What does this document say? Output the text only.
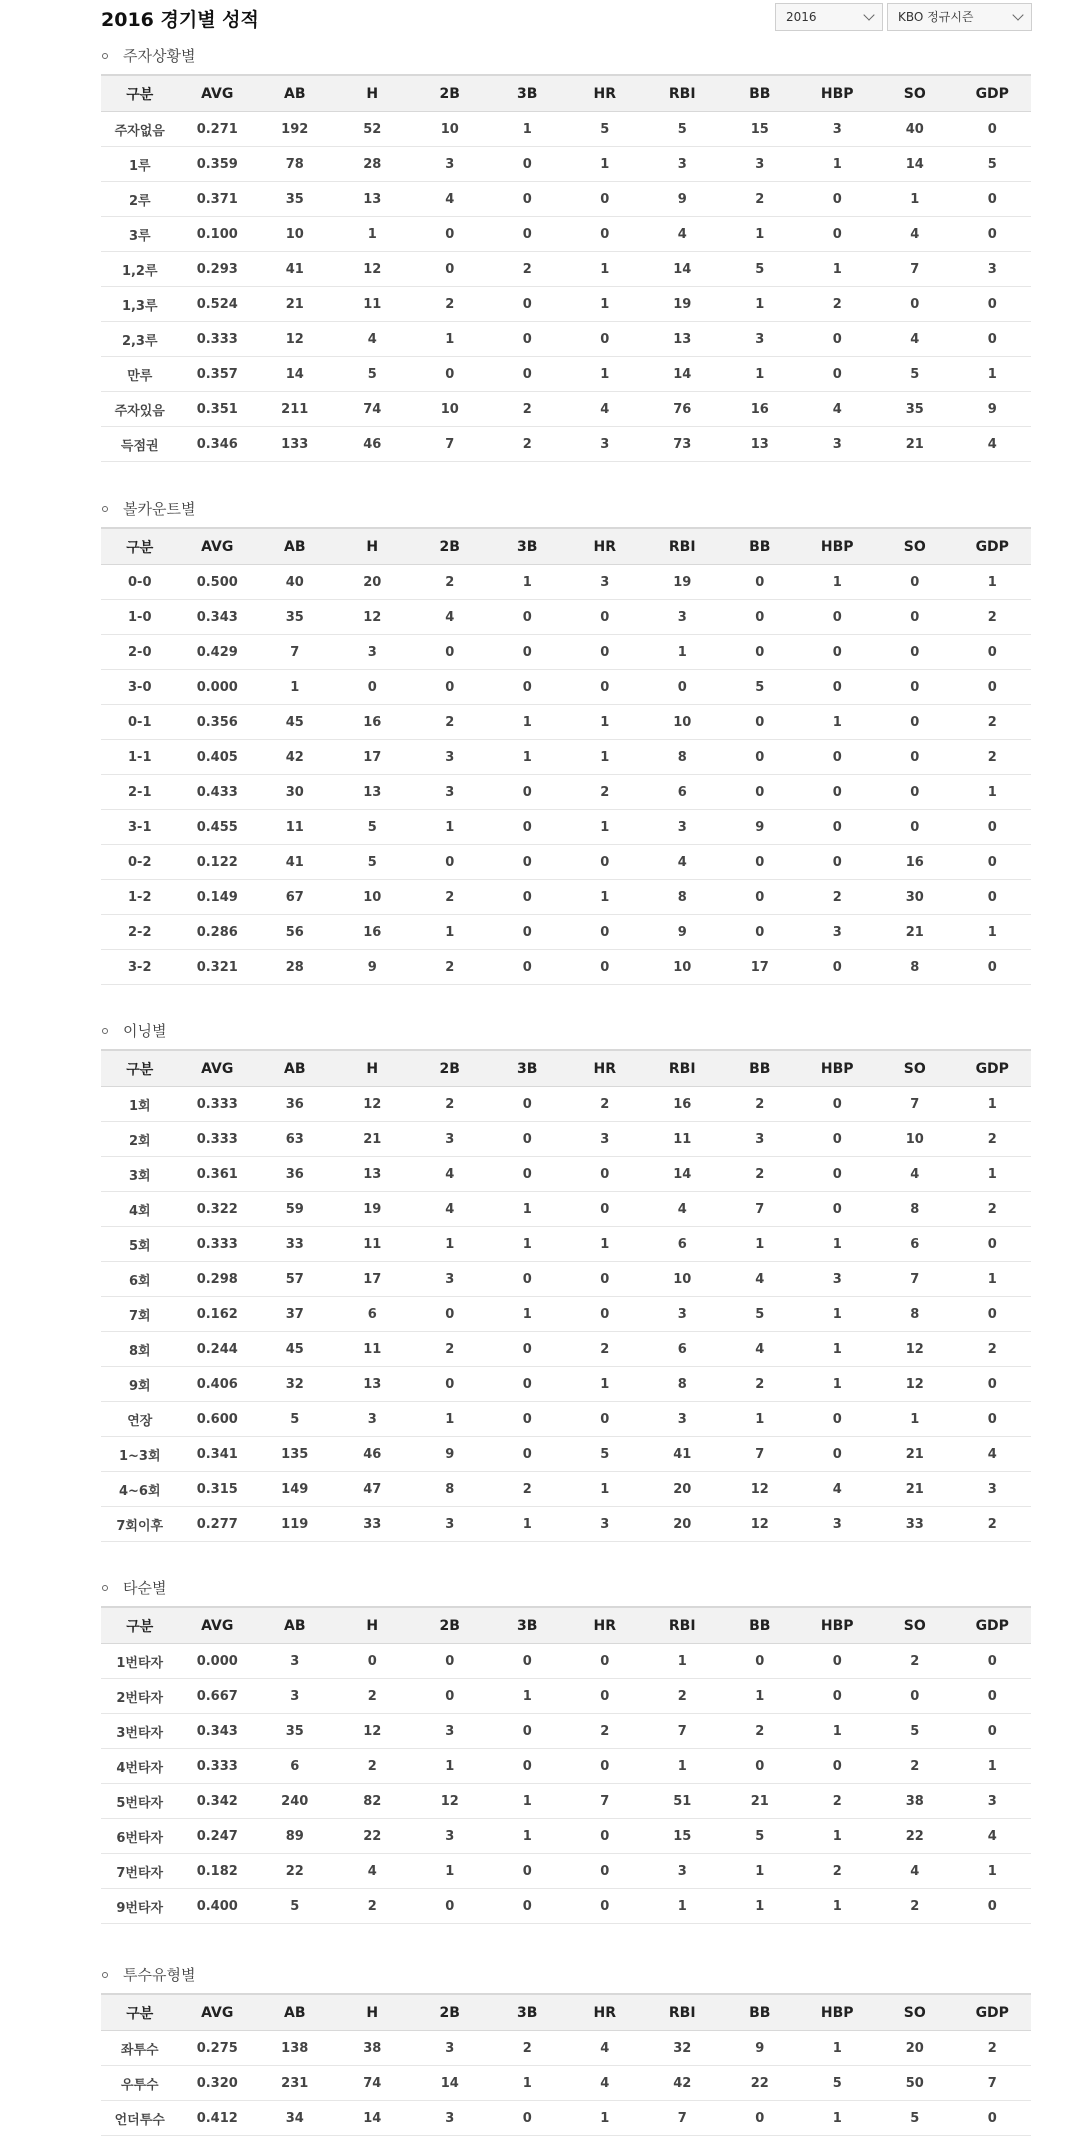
2016 경기별 성적	2016	KBO 정규시즌
주자상황별
구분	AVG	AB	H	2B	3B	HR	RBI	BB	HBP	SO	GDP
주자없음	0.271	192	52	10	1	5	5	15	3	40	0
1루	0.359	78	28	3	0	1	3	3	1	14	5
2루	0.371	35	13	4	0	0	9	2	0	1	0
3루	0.100	10	1	0	0	0	4	1	0	4	0
1,2루	0.293	41	12	0	2	1	14	5	1	7	3
1,3루	0.524	21	11	2	0	1	19	1	2	0	0
2,3루	0.333	12	4	1	0	0	13	3	0	4	0
만루	0.357	14	5	0	0	1	14	1	0	5	1
주자있음	0.351	211	74	10	2	4	76	16	4	35	9
득점권	0.346	133	46	7	2	3	73	13	3	21	4
볼카운트별
구분	AVG	AB	H	2B	3B	HR	RBI	BB	HBP	SO	GDP
0-0	0.500	40	20	2	1	3	19	0	1	0	1
1-0	0.343	35	12	4	0	0	3	0	0	0	2
2-0	0.429	7	3	0	0	0	1	0	0	0	0
3-0	0.000	1	0	0	0	0	0	5	0	0	0
0-1	0.356	45	16	2	1	1	10	0	1	0	2
1-1	0.405	42	17	3	1	1	8	0	0	0	2
2-1	0.433	30	13	3	0	2	6	0	0	0	1
3-1	0.455	11	5	1	0	1	3	9	0	0	0
0-2	0.122	41	5	0	0	0	4	0	0	16	0
1-2	0.149	67	10	2	0	1	8	0	2	30	0
2-2	0.286	56	16	1	0	0	9	0	3	21	1
3-2	0.321	28	9	2	0	0	10	17	0	8	0
이닝별
구분	AVG	AB	H	2B	3B	HR	RBI	BB	HBP	SO	GDP
1회	0.333	36	12	2	0	2	16	2	0	7	1
2회	0.333	63	21	3	0	3	11	3	0	10	2
3회	0.361	36	13	4	0	0	14	2	0	4	1
4회	0.322	59	19	4	1	0	4	7	0	8	2
5회	0.333	33	11	1	1	1	6	1	1	6	0
6회	0.298	57	17	3	0	0	10	4	3	7	1
7회	0.162	37	6	0	1	0	3	5	1	8	0
8회	0.244	45	11	2	0	2	6	4	1	12	2
9회	0.406	32	13	0	0	1	8	2	1	12	0
연장	0.600	5	3	1	0	0	3	1	0	1	0
1~3회	0.341	135	46	9	0	5	41	7	0	21	4
4~6회	0.315	149	47	8	2	1	20	12	4	21	3
7회이후	0.277	119	33	3	1	3	20	12	3	33	2
타순별
구분	AVG	AB	H	2B	3B	HR	RBI	BB	HBP	SO	GDP
1번타자	0.000	3	0	0	0	0	1	0	0	2	0
2번타자	0.667	3	2	0	1	0	2	1	0	0	0
3번타자	0.343	35	12	3	0	2	7	2	1	5	0
4번타자	0.333	6	2	1	0	0	1	0	0	2	1
5번타자	0.342	240	82	12	1	7	51	21	2	38	3
6번타자	0.247	89	22	3	1	0	15	5	1	22	4
7번타자	0.182	22	4	1	0	0	3	1	2	4	1
9번타자	0.400	5	2	0	0	0	1	1	1	2	0
투수유형별
구분	AVG	AB	H	2B	3B	HR	RBI	BB	HBP	SO	GDP
좌투수	0.275	138	38	3	2	4	32	9	1	20	2
우투수	0.320	231	74	14	1	4	42	22	5	50	7
언더투수	0.412	34	14	3	0	1	7	0	1	5	0
